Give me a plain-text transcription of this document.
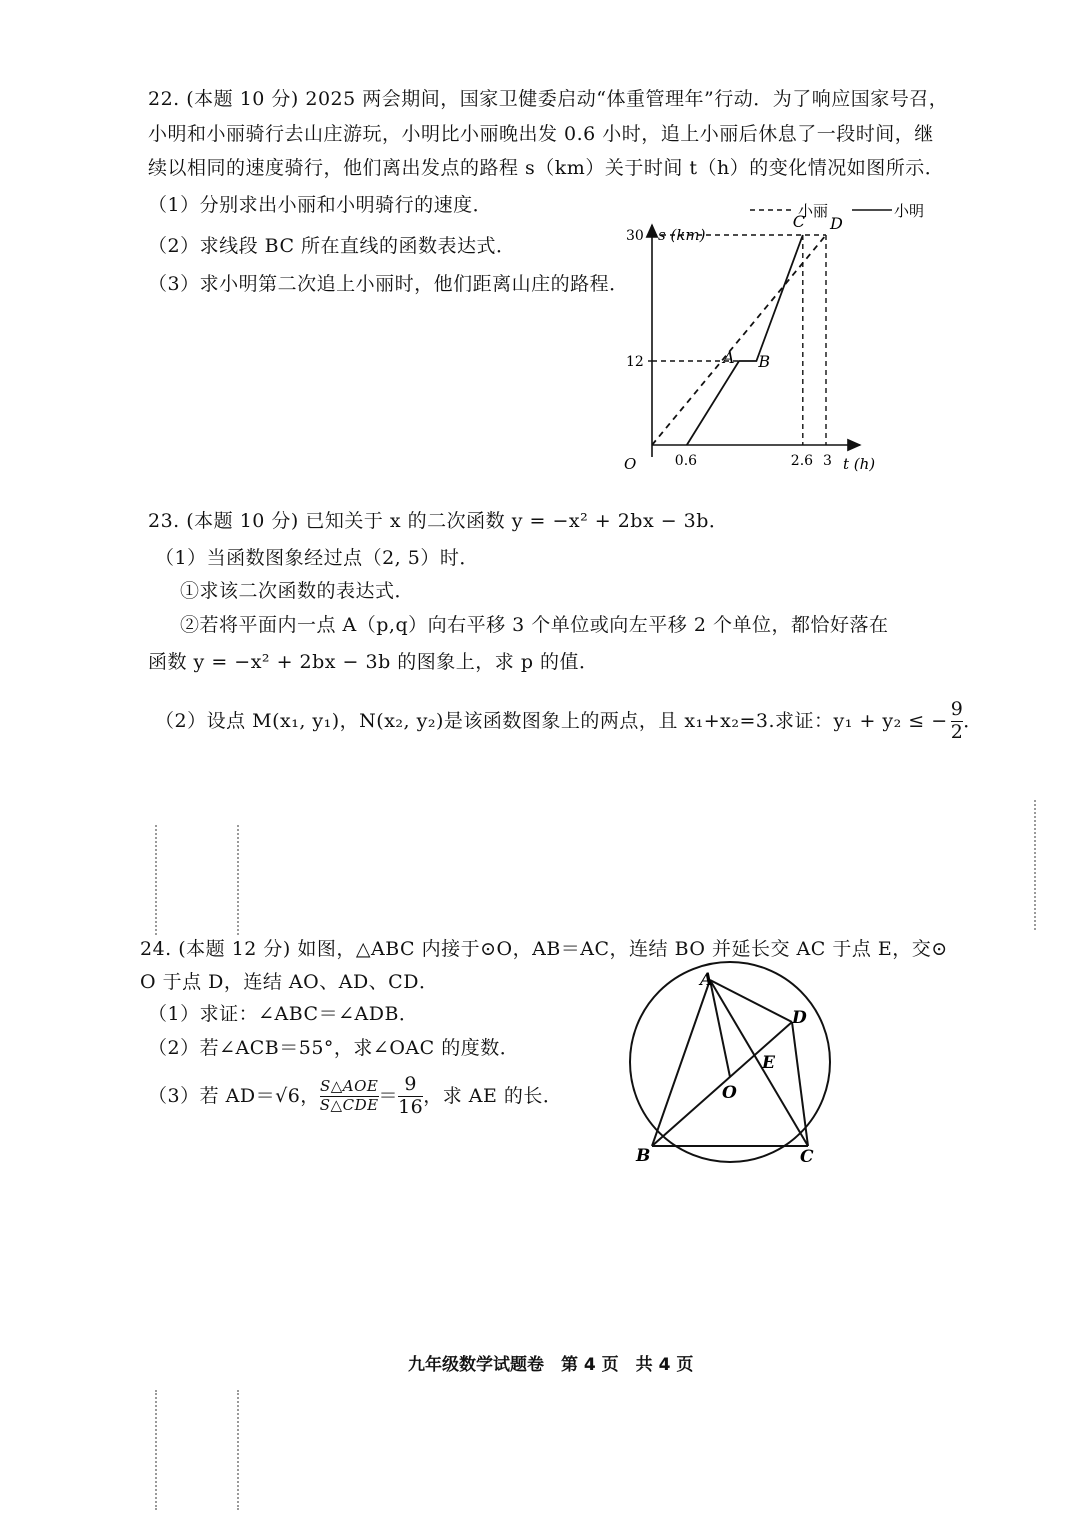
22. (本题 10 分) 2025 两会期间，国家卫健委启动“体重管理年”行动．为了响应国家号召，
小明和小丽骑行去山庄游玩，小明比小丽晚出发 0.6 小时，追上小丽后休息了一段时间，继
续以相同的速度骑行，他们离出发点的路程 s（km）关于时间 t（h）的变化情况如图所示．
（1）分别求出小丽和小明骑行的速度．
（2）求线段 BC 所在直线的函数表达式．
（3）求小明第二次追上小丽时，他们距离山庄的路程．
小丽	小明
O	t (h)
s (km)
12
30
0.6	2.6 3
A B
C D
23. (本题 10 分) 已知关于 x 的二次函数 y = −x² + 2bx − 3b．
（1）当函数图象经过点（2, 5）时．
①求该二次函数的表达式．
②若将平面内一点 A（p,q）向右平移 3 个单位或向左平移 2 个单位，都恰好落在
函数 y = −x² + 2bx − 3b 的图象上，求 p 的值．
（2）设点 M(x₁, y₁)，N(x₂, y₂)是该函数图象上的两点，且 x₁+x₂=3.求证：y₁ + y₂ ≤ − $\frac{9}{2}$ ．
24. (本题 12 分) 如图，△ABC 内接于⊙O，AB＝AC，连结 BO 并延长交 AC 于点 E，交⊙
O 于点 D，连结 AO、AD、CD．
（1）求证：∠ABC＝∠ADB．
（2）若∠ACB＝55°，求∠OAC 的度数．
（3）若 AD＝√6， $\frac{\text{S△AOE}}{\text{S△CDE}} = \frac{9}{16}$ ，求 AE 的长．
A
B	C
D
E
O
九年级数学试题卷　第 4 页　共 4 页
